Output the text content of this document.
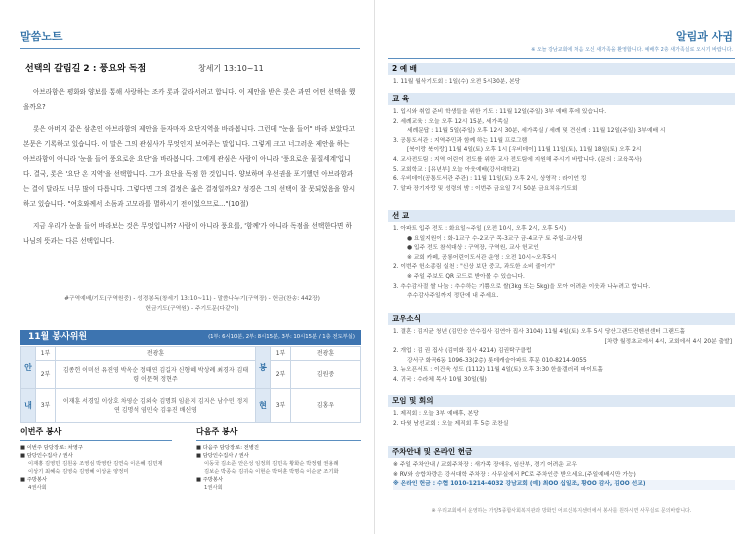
말씀노트
선택의 갈림길 2 : 풍요와 독점	창세기 13:10~11

아브라함은 평화와 양보를 통해 사랑하는 조카 롯과 갈라서려고 합니다. 이 제안을 받은 롯은 과연 어떤 선택을 했을까요?

롯은 아버지 같은 삼촌인 아브라함의 제안을 듣자마자 요단지역을 바라봅니다. 그런데 "눈을 들어" 바라 보았다고 본문은 기록하고 있습니다. 이 말은 그의 관심사가 무엇인지 보여주는 말입니다. 그렇게 크고 너그러운 제안을 하는 아브라함이 아니라 '눈을 들어 풍요로운 요단'을 바라봅니다. 그에게 관심은 사람이 아니라 '풍요로운 물질세계'입니다. 결국, 롯은 '요단 온 지역'을 선택합니다. 그가 요단을 독점 한 것입니다. 양보하며 우선권을 포기했던 아브라함과는 결이 달라도 너무 많이 다릅니다. 그렇다면 그의 결정은 옳은 결정일까요? 성경은 그의 선택이 잘 못되었음을 암시하고 있습니다. "여호와께서 소돔과 고모라를 멸하시기 전이었으므로..."(10절)

지금 우리가 눈을 들어 바라보는 것은 무엇입니까? 사람이 아니라 풍요를, '함께'가 아니라 독점을 선택한다면 하나님의 뜻과는 다른 선택입니다.

#구역예배/기도(구역원중) - 성경봉독(창세기 13:10~11) - 말씀나누기(구역장) - 헌금(찬송: 442장)
헌금기도(구역원) - 주기도문(다같이)
11월 봉사위원	(1부: 6시10분, 2부: 8시15분, 3부: 10시15분 / 1층 전도부실)
안	1부	전광훈	봉	1부	전광훈
	2부	김종헌 이미선 유진영 박옥순 정태연 김길자 신형혜 박상례 최경자 김태령 이문혁 정현주		2부	김원중
내	3부	이재훈 서경일 이상호 차영순 김외숙 김명희 임윤지 김지은 남수민 정지연 김명석 염민숙 김유진 배신영	현	3부	김홍우
이번주 봉사
■ 이번주 담당장로: 차영구
■ 담당인수집사 / 권사
이재홍 김영민 김원웅 조영심 박영란 김연숙 이은혜 김민재
이상기 최혜숙 김영숙 김영혜 이상윤 양정미
■ 주방봉사
4권사회
다음주 봉사
■ 다음주 담당장로: 전병진
■ 담당인수집사 / 권사
이동국 김소준 안은성 임정희 김민옥 황화순 박정렬 권용례
김보순 박종숙 김귀숙 이현순 박덕훈 박명숙 이순균 조기화
■ 주방봉사
1권사회
알림과 사귐
※ 오늘 강남교회에 처음 오신 새가족을 환영합니다. 예배후 2층 새가족실로 오시기 바랍니다.
2 예 배
1. 11월 월삭기도회 : 1일(수) 오전 5시30분, 본당
교 육
1. 입시와 취업 준비 학생들을 위한 기도 : 11월 12일(주일) 3부 예배 후에 있습니다.
2. 세례교육 : 오늘 오후 12시 15분, 세가족실
세례문답 : 11월 5일(주일) 오후 12시 30분, 세가족실 / 세례 및 견신례 : 11월 12일(주일) 3부예배 시
3. 공통도서관 : 지역주민과 함께 하는 11월 프로그램
[북이랑 북이랑] 11월 4일(토) 오후 1시 [우비데이] 11월 11일(토), 11월 18일(토) 오후 2시
4. 교사전도팀 : 지역 어린이 전도를 위한 교사 전도팀에 지원해 주시기 바랍니다. (문의 : 교육목사)
5. 교회학교 : [유년부] 오늘 아웃예배(강서대학교)
6. 우비데이(공통도서관 주관) : 11월 11일(토) 오후 2시, 상영작 : 라이언 킹
7. 알파 장기자랑 및 성령의 밤 : 이번주 금요일 7시 50분 금요치유기도회
선 교
1. 아파트 입주 전도 : 화요일~주일 (오전 10시, 오후 2시, 오후 5시)
● 요일지원이 : 화-1교구 수-2교구 목-3교구 금-4교구 토 주일-교사팀
● 입주 전도 참석대상 : 구역장, 구역원, 교사 헌교인
※ 교회 카페, 공룡어린이도서관 운영 : 오전 10시~오후5시
2. 이번주 헌소종림 실천 : "신상 보단 중고, 과도한 소비 줄이기"
※ 주일 주보도 QR 코드로 받아볼 수 있습니다.
3. 추수감사절 쌀 나눔 : 추수하는 기쁨으로 쌀(3kg 또는 5kg)을 모아 어려운 이웃과 나누려고 합니다.
추수감사주일까지 정단에 내 주세요.
교우소식
1. 결혼 : 김지균 청년 (김민승 안수집사 김연아 집사 3104) 11월 4일(토) 오후 5시 당산그랜드컨벤션센터 그랜드홀
[차량 월정초교에서 4시, 교회에서 4시 20분 출발]
2. 개업 : 김 권 집사 (김미화 집사 4214) 김권탁구클럽
강서구 화곡6동 1096-33(2층) 롯데캐슬아파트 후문 010-8214-9055
3. 뉴오픈서트 : 이건욱 성도 (1112) 11월 4일(토) 오후 3:30 한울갤러리 파이트홀
4. 귀국 : 수라체 목사 10월 30일(월)
모임 및 회의
1. 제직회 : 오늘 3부 예배후, 본당
2. 다윗 남선교회 : 오늘 제직회 후 5층 조찬실
주차안내 및 온라인 헌금
※ 주일 주차안내 / 교회주차장 : 새가족 장애우, 임산부, 경기 어려운 교우
※ RV와 승합차량은 강서대학 주차장 : 사무실에서 PC로 주차인증 받으세요.(주일예배시만 가능)
※ 온라인 헌금 : 수협 1010-1214-4032 강남교회 (예) 최OO 십일조, 황OO 감사, 김OO 선교)
※ 우리교회에서 운영하는 가양5종합사회복지관과 방화인 어르신복지센터에서 봉사를 원하시면 사무실로 문의바랍니다.
